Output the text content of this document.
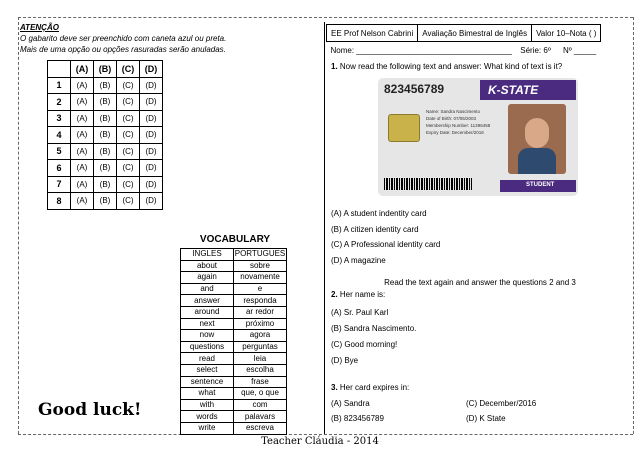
ATENÇÃO
O gabarito deve ser preenchido com caneta azul ou preta.
Mais de uma opção ou opções rasuradas serão anuladas.
	(A)	(B)	(C)	(D)
1	(A)	(B)	(C)	(D)
2	(A)	(B)	(C)	(D)
3	(A)	(B)	(C)	(D)
4	(A)	(B)	(C)	(D)
5	(A)	(B)	(C)	(D)
6	(A)	(B)	(C)	(D)
7	(A)	(B)	(C)	(D)
8	(A)	(B)	(C)	(D)
VOCABULARY
INGLES	PORTUGUES
about	sobre
again	novamente
and	e
answer	responda
around	ar redor
next	próximo
now	agora
questions	perguntas
read	leia
select	escolha
sentence	frase
what	que, o que
with	com
words	palavars
write	escreva
Good luck!
Teacher Cláudia - 2014
EE Prof Nelson Cabrini	Avaliação Bimestral de Inglês	Valor 10–Nota ( )
Nome: ___________________________________ Série: 6º Nº _____
1. Now read the following text and answer: What kind of text is it?
823456789	K-STATE
Name: Sandra Nascimento
Date of Birth: 07/05/2003
Membership Number: 11396458
Expiry Date: December/2016
STUDENT
(A) A student indentity card
(B) A citizen identity card
(C) A Professional identity card
(D) A magazine
Read the text again and answer the questions 2 and 3
2. Her name is:
(A) Sr. Paul Karl
(B) Sandra Nascimento.
(C) Good morning!
(D) Bye
3. Her card expires in:
(A) Sandra	(C) December/2016
(B) 823456789	(D) K State
